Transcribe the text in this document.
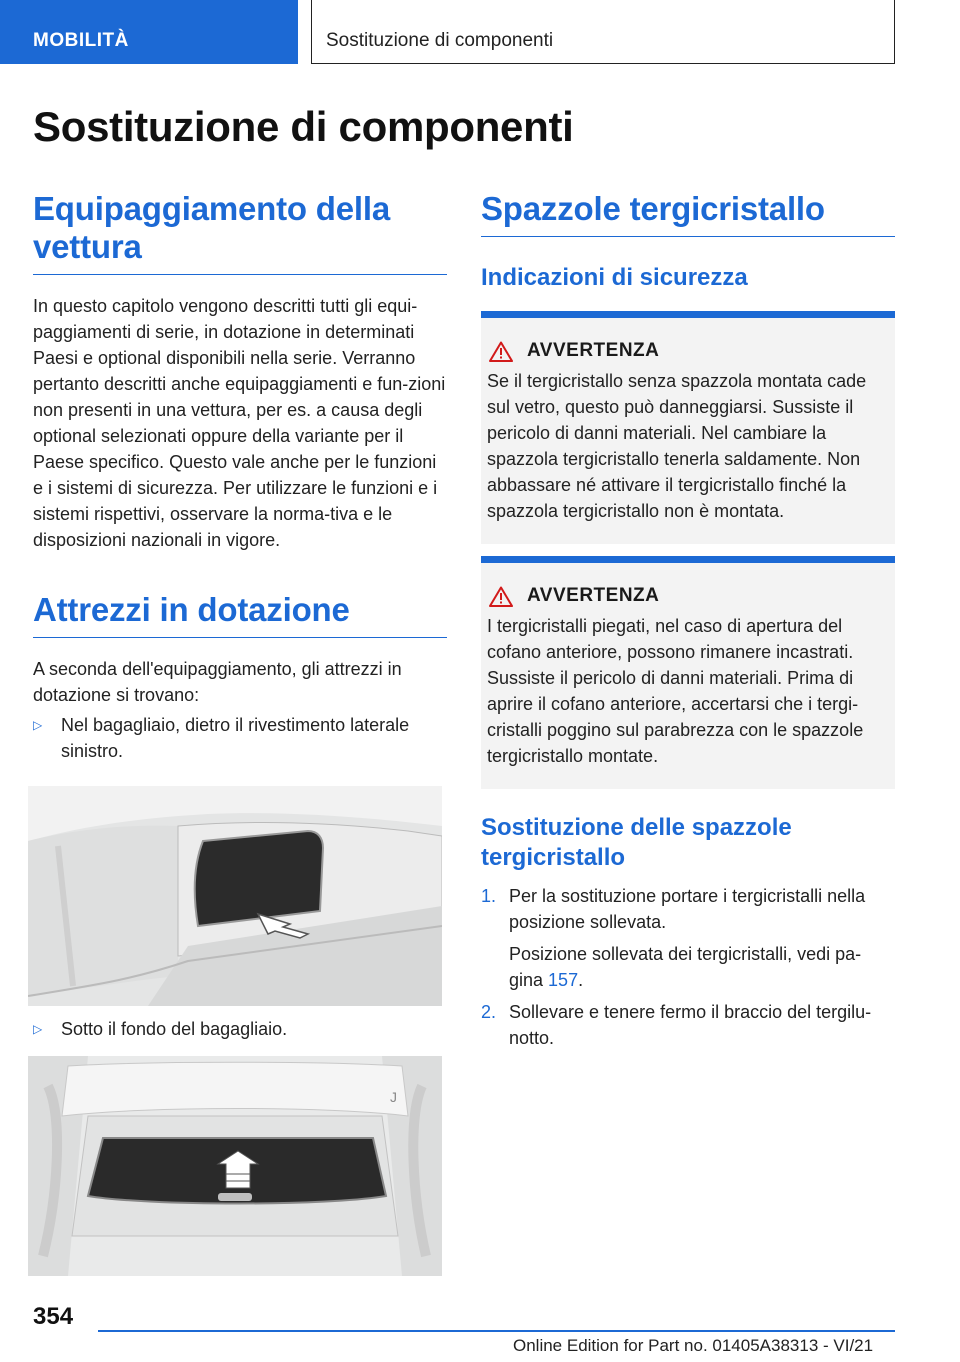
MOBILITÀ	Sostituzione di componenti
Sostituzione di componenti
Equipaggiamento della vettura

In questo capitolo vengono descritti tutti gli equi-paggiamenti di serie, in dotazione in determinati Paesi e optional disponibili nella serie. Verranno pertanto descritti anche equipaggiamenti e fun-zioni non presenti in una vettura, per es. a causa degli optional selezionati oppure della variante per il Paese specifico. Questo vale anche per le funzioni e i sistemi di sicurezza. Per utilizzare le funzioni e i sistemi rispettivi, osservare la norma-tiva e le disposizioni nazionali in vigore.

Attrezzi in dotazione

A seconda dell'equipaggiamento, gli attrezzi in dotazione si trovano:

▷	Nel bagagliaio, dietro il rivestimento laterale sinistro.
▷	Sotto il fondo del bagagliaio.
J
Spazzole tergicristallo
Indicazioni di sicurezza
AVVERTENZA

Se il tergicristallo senza spazzola montata cade sul vetro, questo può danneggiarsi. Sussiste il pericolo di danni materiali. Nel cambiare la spazzola tergicristallo tenerla saldamente. Non abbassare né attivare il tergicristallo finché la spazzola tergicristallo non è montata.

AVVERTENZA

I tergicristalli piegati, nel caso di apertura del cofano anteriore, possono rimanere incastrati. Sussiste il pericolo di danni materiali. Prima di aprire il cofano anteriore, accertarsi che i tergi-cristalli poggino sul parabrezza con le spazzole tergicristallo montate.

Sostituzione delle spazzole tergicristallo
1. Per la sostituzione portare i tergicristalli nella posizione sollevata.
Posizione sollevata dei tergicristalli, vedi pa-gina 157.
2. Sollevare e tenere fermo il braccio del tergilu-notto.
354
Online Edition for Part no. 01405A38313 - VI/21
